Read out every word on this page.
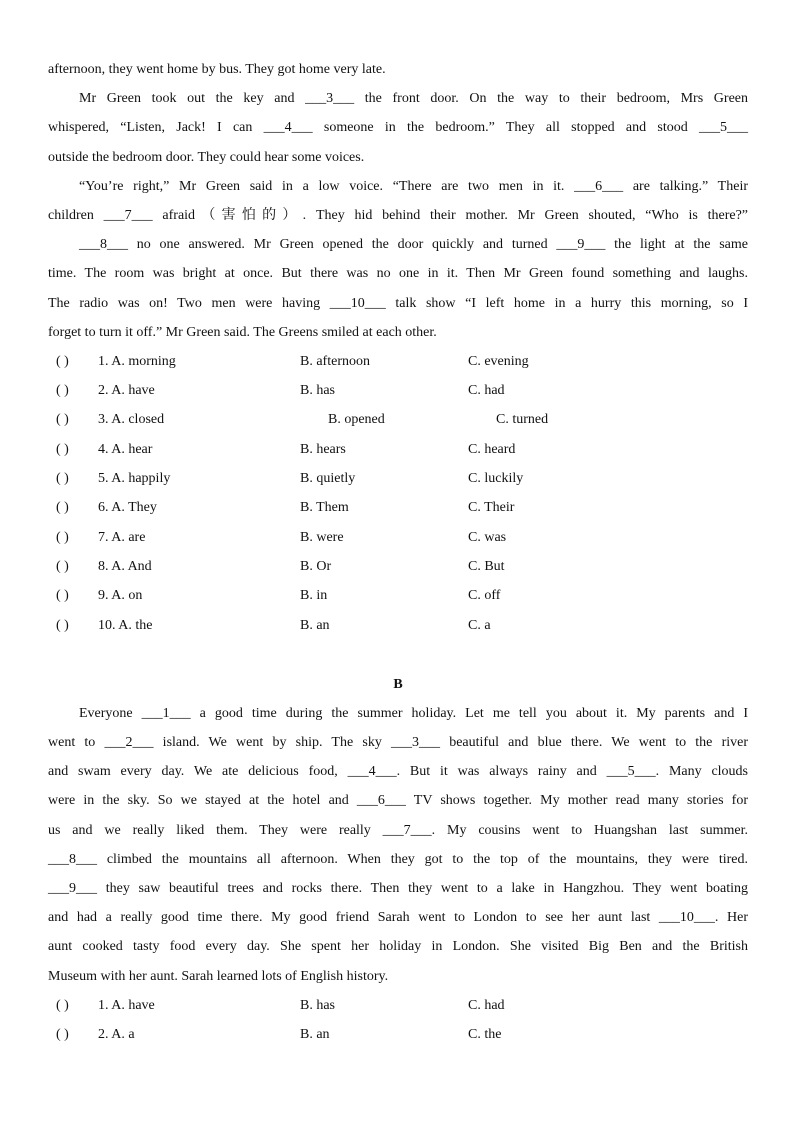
afternoon, they went home by bus. They got home very late.
Mr Green took out the key and ___3___ the front door. On the way to their bedroom, Mrs Green
whispered, “Listen, Jack! I can ___4___ someone in the bedroom.” They all stopped and stood ___5___
outside the bedroom door. They could hear some voices.
“You’re right,” Mr Green said in a low voice. “There are two men in it. ___6___ are talking.” Their
children ___7___ afraid（害怕的）. They hid behind their mother. Mr Green shouted, “Who is there?”
___8___ no one answered. Mr Green opened the door quickly and turned ___9___ the light at the same
time. The room was bright at once. But there was no one in it. Then Mr Green found something and laughs.
The radio was on! Two men were having ___10___ talk show “I left home in a hurry this morning, so I
forget to turn it off.” Mr Green said. The Greens smiled at each other.
( ) 1. A. morning	B. afternoon	C. evening
( ) 2. A. have	B. has	C. had
( ) 3. A. closed	B. opened	C. turned
( ) 4. A. hear	B. hears	C. heard
( ) 5. A. happily	B. quietly	C. luckily
( ) 6. A. They	B. Them	C. Their
( ) 7. A. are	B. were	C. was
( ) 8. A. And	B. Or	C. But
( ) 9. A. on	B. in	C. off
( ) 10. A. the	B. an	C. a
B
Everyone ___1___ a good time during the summer holiday. Let me tell you about it. My parents and I
went to ___2___ island. We went by ship. The sky ___3___ beautiful and blue there. We went to the river
and swam every day. We ate delicious food, ___4___. But it was always rainy and ___5___. Many clouds
were in the sky. So we stayed at the hotel and ___6___ TV shows together. My mother read many stories for
us and we really liked them. They were really ___7___. My cousins went to Huangshan last summer.
___8___ climbed the mountains all afternoon. When they got to the top of the mountains, they were tired.
___9___ they saw beautiful trees and rocks there. Then they went to a lake in Hangzhou. They went boating
and had a really good time there. My good friend Sarah went to London to see her aunt last ___10___. Her
aunt cooked tasty food every day. She spent her holiday in London. She visited Big Ben and the British
Museum with her aunt. Sarah learned lots of English history.
( ) 1. A. have	B. has	C. had
( ) 2. A. a	B. an	C. the
